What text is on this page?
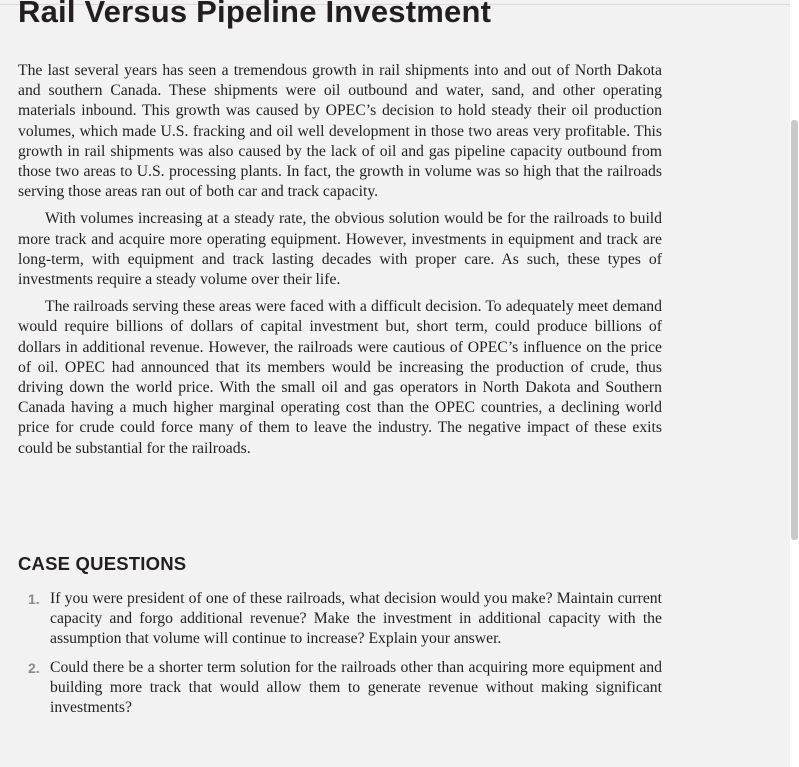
Rail Versus Pipeline Investment

The last several years has seen a tremendous growth in rail shipments into and out of North Dakota and southern Canada. These shipments were oil outbound and water, sand, and other operating materials inbound. This growth was caused by OPEC’s decision to hold steady their oil production volumes, which made U.S. fracking and oil well development in those two areas very profitable. This growth in rail shipments was also caused by the lack of oil and gas pipeline capacity outbound from those two areas to U.S. processing plants. In fact, the growth in volume was so high that the railroads serving those areas ran out of both car and track capacity.

With volumes increasing at a steady rate, the obvious solution would be for the railroads to build more track and acquire more operating equipment. However, investments in equipment and track are long-term, with equipment and track lasting decades with proper care. As such, these types of investments require a steady volume over their life.

The railroads serving these areas were faced with a difficult decision. To adequately meet demand would require billions of dollars of capital investment but, short term, could produce billions of dollars in additional revenue. However, the railroads were cautious of OPEC’s influence on the price of oil. OPEC had announced that its members would be increasing the production of crude, thus driving down the world price. With the small oil and gas operators in North Dakota and Southern Canada having a much higher marginal operating cost than the OPEC countries, a declining world price for crude could force many of them to leave the industry. The negative impact of these exits could be substantial for the railroads.

CASE QUESTIONS
1. If you were president of one of these railroads, what decision would you make? Maintain current capacity and forgo additional revenue? Make the investment in additional capacity with the assumption that volume will continue to increase? Explain your answer.

2. Could there be a shorter term solution for the railroads other than acquiring more equipment and building more track that would allow them to generate revenue without making significant investments?
